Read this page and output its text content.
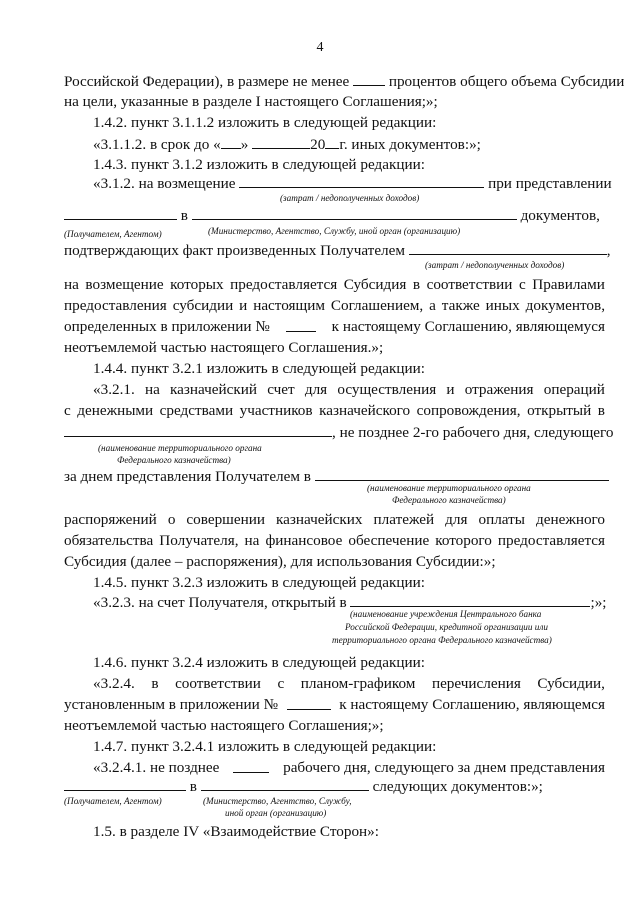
4
Российской Федерации), в размере не менее	процентов общего объема Субсидии
на цели, указанные в разделе I настоящего Соглашения;»;
1.4.2. пункт 3.1.1.2 изложить в следующей редакции:
«3.1.1.2. в срок до « »	20 г. иных документов:»;
1.4.3. пункт 3.1.2 изложить в следующей редакции:
«3.1.2. на возмещение	при представлении
(затрат / недополученных доходов)
в	документов,
(Получателем, Агентом)	(Министерство, Агентство, Службу, иной орган (организацию)
подтверждающих факт произведенных Получателем	,
(затрат / недополученных доходов)
на возмещение которых предоставляется Субсидия в соответствии с Правилами
предоставления субсидии и настоящим Соглашением, а также иных документов,
определенных в приложении №	к настоящему Соглашению, являющемуся
неотъемлемой частью настоящего Соглашения.»;
1.4.4. пункт 3.2.1 изложить в следующей редакции:
«3.2.1. на казначейский счет для осуществления и отражения операций
с денежными средствами участников казначейского сопровождения, открытый в
, не позднее 2-го рабочего дня, следующего
(наименование территориального органа
Федерального казначейства)
за днем представления Получателем в
(наименование территориального органа
Федерального казначейства)
распоряжений о совершении казначейских платежей для оплаты денежного
обязательства Получателя, на финансовое обеспечение которого предоставляется
Субсидия (далее – распоряжения), для использования Субсидии:»;
1.4.5. пункт 3.2.3 изложить в следующей редакции:
«3.2.3. на счет Получателя, открытый в	;»;
(наименование учреждения Центрального банка
Российской Федерации, кредитной организации или
территориального органа Федерального казначейства)
1.4.6. пункт 3.2.4 изложить в следующей редакции:
«3.2.4. в соответствии с планом-графиком перечисления Субсидии,
установленным в приложении №	к настоящему Соглашению, являющемся
неотъемлемой частью настоящего Соглашения;»;
1.4.7. пункт 3.2.4.1 изложить в следующей редакции:
«3.2.4.1. не позднее	рабочего дня, следующего за днем представления
в	следующих документов:»;
(Получателем, Агентом)	(Министерство, Агентство, Службу,
иной орган (организацию)
1.5. в разделе IV «Взаимодействие Сторон»:
